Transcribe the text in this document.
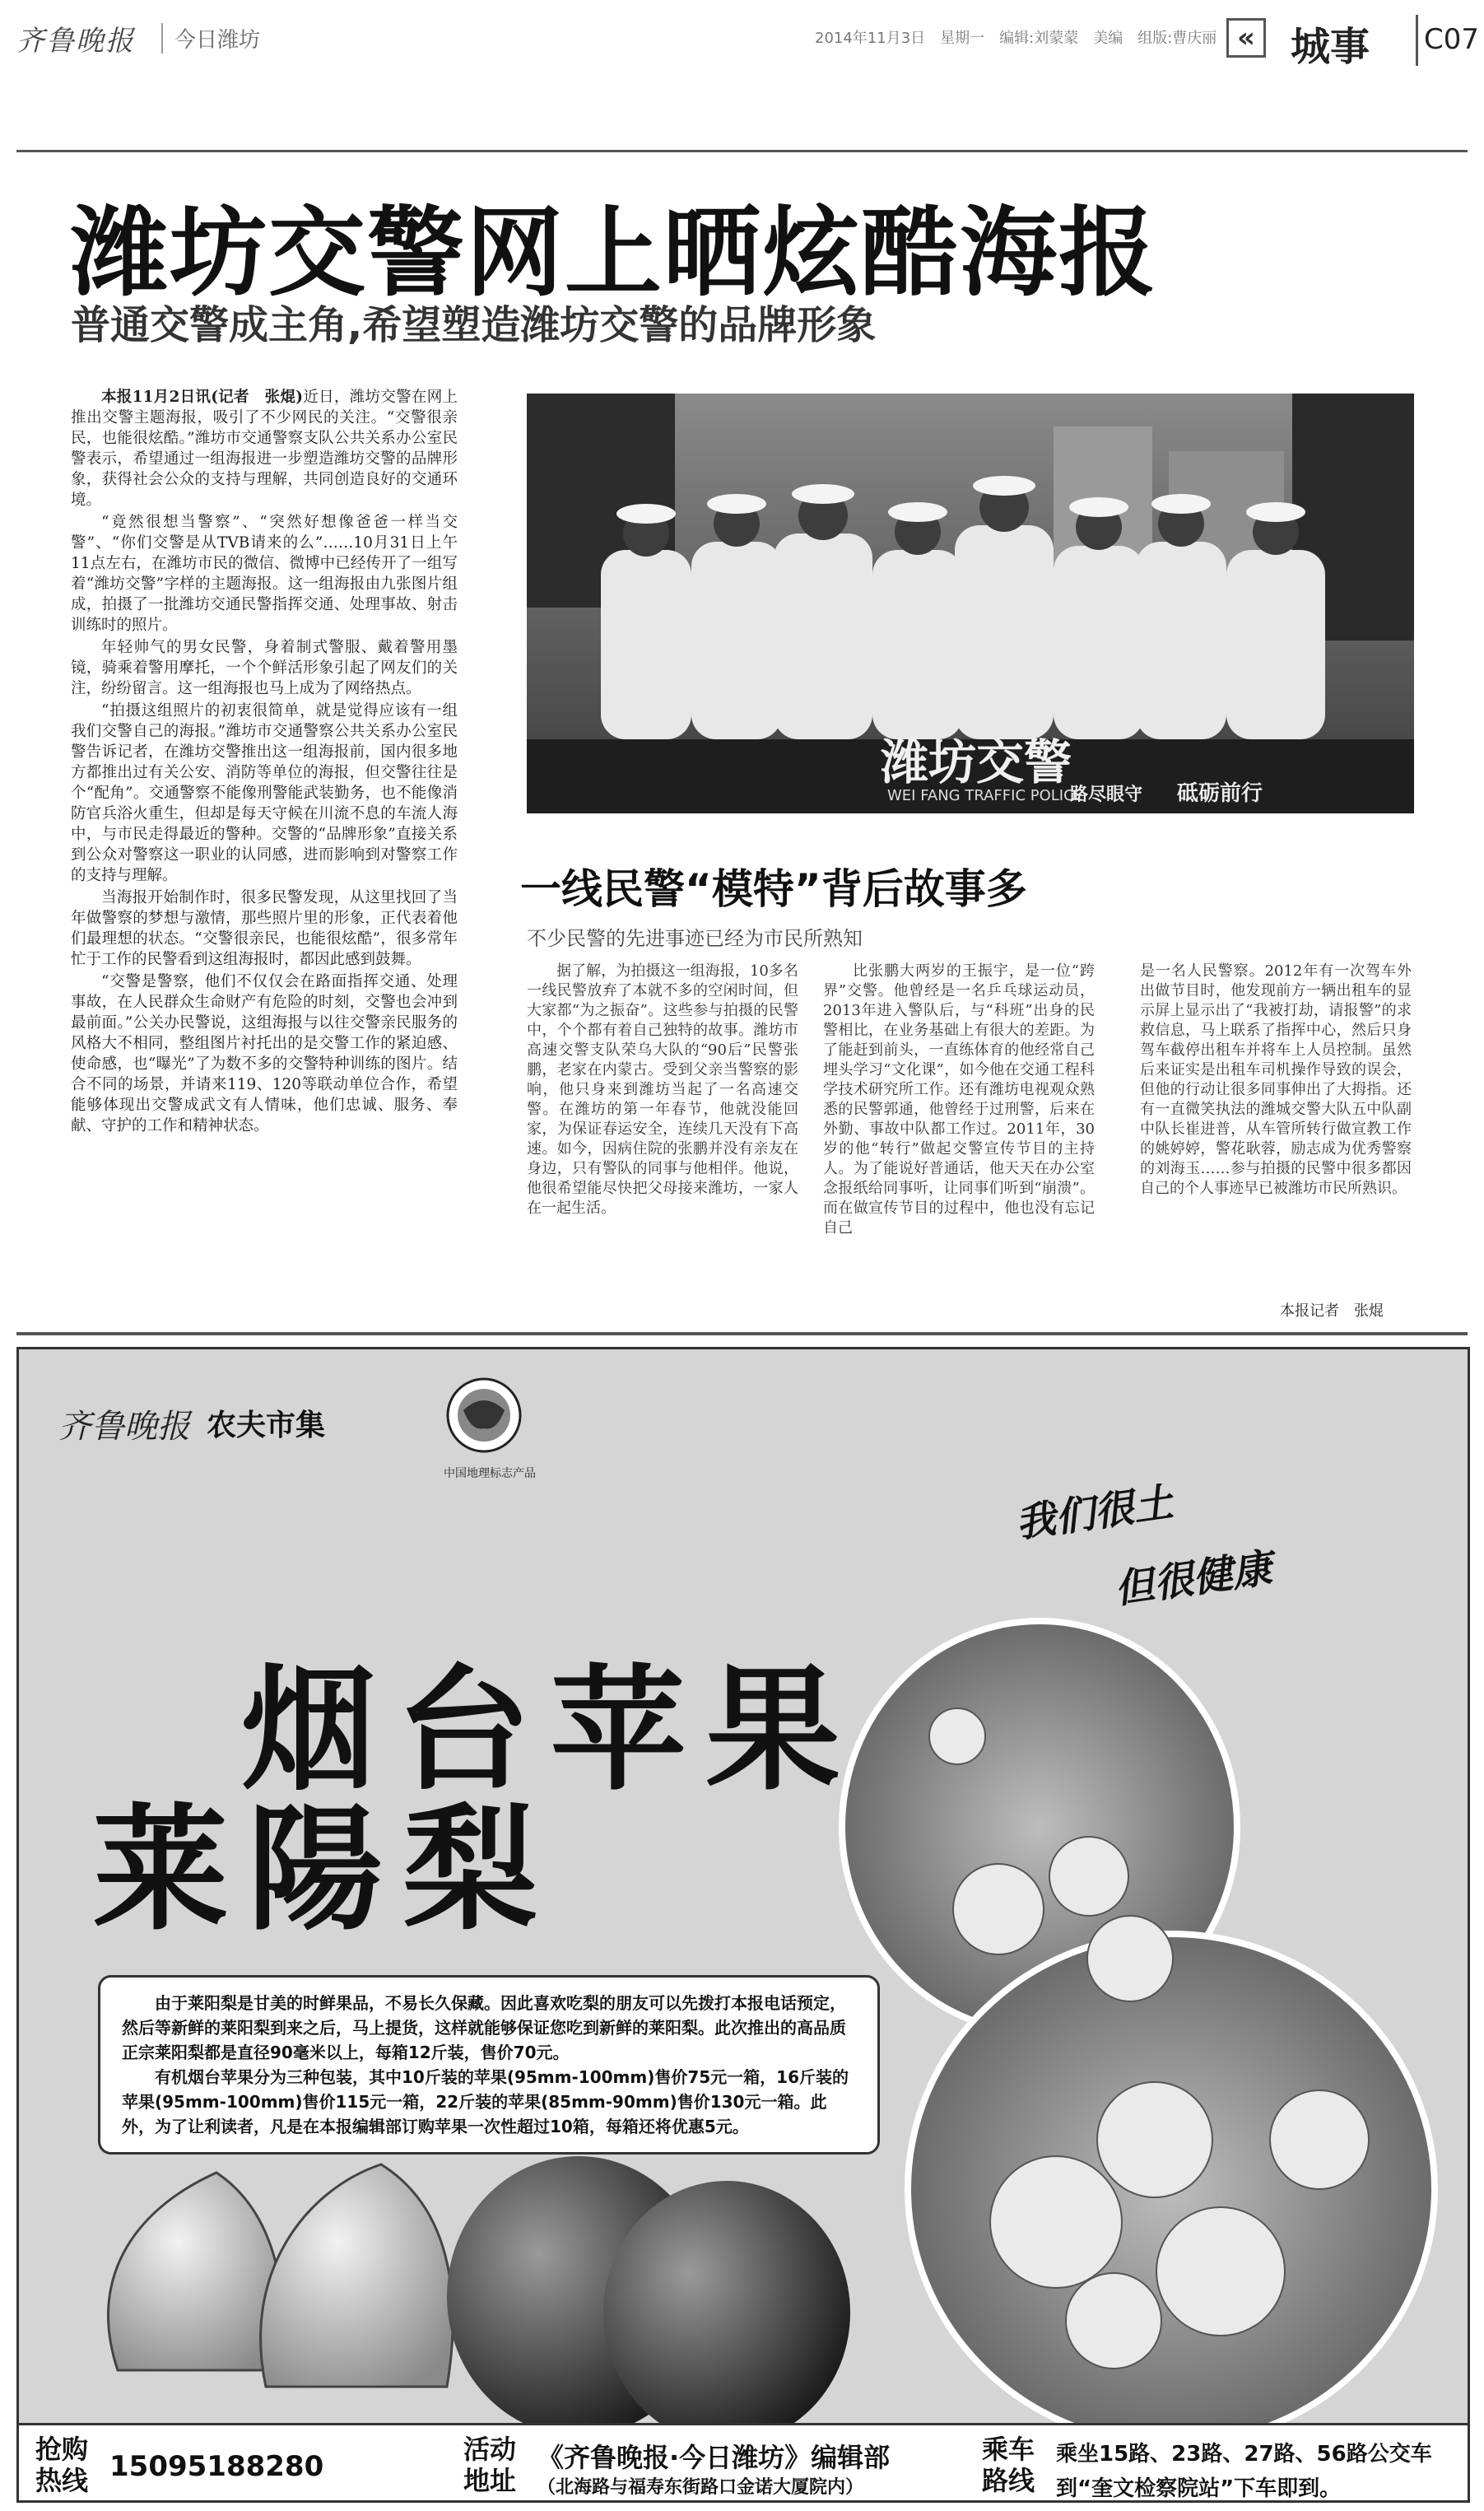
齐鲁晚报	今日潍坊	2014年11月3日　星期一　编辑:刘蒙蒙　美编　组版:曹庆丽 « 城事 C07
潍坊交警网上晒炫酷海报
普通交警成主角,希望塑造潍坊交警的品牌形象

本报11月2日讯(记者　张焜)近日，潍坊交警在网上推出交警主题海报，吸引了不少网民的关注。“交警很亲民，也能很炫酷。”潍坊市交通警察支队公共关系办公室民警表示，希望通过一组海报进一步塑造潍坊交警的品牌形象，获得社会公众的支持与理解，共同创造良好的交通环境。

“竟然很想当警察”、“突然好想像爸爸一样当交警”、“你们交警是从TVB请来的么”……10月31日上午11点左右，在潍坊市民的微信、微博中已经传开了一组写着“潍坊交警”字样的主题海报。这一组海报由九张图片组成，拍摄了一批潍坊交通民警指挥交通、处理事故、射击训练时的照片。

年轻帅气的男女民警，身着制式警服、戴着警用墨镜，骑乘着警用摩托，一个个鲜活形象引起了网友们的关注，纷纷留言。这一组海报也马上成为了网络热点。

“拍摄这组照片的初衷很简单，就是觉得应该有一组我们交警自己的海报。”潍坊市交通警察公共关系办公室民警告诉记者，在潍坊交警推出这一组海报前，国内很多地方都推出过有关公安、消防等单位的海报，但交警往往是个“配角”。交通警察不能像刑警能武装勤务，也不能像消防官兵浴火重生，但却是每天守候在川流不息的车流人海中，与市民走得最近的警种。交警的“品牌形象”直接关系到公众对警察这一职业的认同感，进而影响到对警察工作的支持与理解。

当海报开始制作时，很多民警发现，从这里找回了当年做警察的梦想与激情，那些照片里的形象，正代表着他们最理想的状态。“交警很亲民，也能很炫酷”，很多常年忙于工作的民警看到这组海报时，都因此感到鼓舞。

“交警是警察，他们不仅仅会在路面指挥交通、处理事故，在人民群众生命财产有危险的时刻，交警也会冲到最前面。”公关办民警说，这组海报与以往交警亲民服务的风格大不相同，整组图片衬托出的是交警工作的紧迫感、使命感，也“曝光”了为数不多的交警特种训练的图片。结合不同的场景，并请来119、120等联动单位合作，希望能够体现出交警成武文有人情味，他们忠诚、服务、奉献、守护的工作和精神状态。

潍坊交警
WEI FANG TRAFFIC POLICE
路尽眼守 砥砺前行
一线民警“模特”背后故事多
不少民警的先进事迹已经为市民所熟知

据了解，为拍摄这一组海报，10多名一线民警放弃了本就不多的空闲时间，但大家都“为之振奋”。这些参与拍摄的民警中，个个都有着自己独特的故事。潍坊市高速交警支队荣乌大队的“90后”民警张鹏，老家在内蒙古。受到父亲当警察的影响，他只身来到潍坊当起了一名高速交警。在潍坊的第一年春节，他就没能回家，为保证春运安全，连续几天没有下高速。如今，因病住院的张鹏并没有亲友在身边，只有警队的同事与他相伴。他说，他很希望能尽快把父母接来潍坊，一家人在一起生活。

比张鹏大两岁的王振宇，是一位“跨界”交警。他曾经是一名乒乓球运动员，2013年进入警队后，与“科班”出身的民警相比，在业务基础上有很大的差距。为了能赶到前头，一直练体育的他经常自己埋头学习“文化课”，如今他在交通工程科学技术研究所工作。还有潍坊电视观众熟悉的民警郭通，他曾经于过刑警，后来在外勤、事故中队都工作过。2011年，30岁的他“转行”做起交警宣传节目的主持人。为了能说好普通话，他天天在办公室念报纸给同事听，让同事们听到“崩溃”。而在做宣传节目的过程中，他也没有忘记自己

是一名人民警察。2012年有一次驾车外出做节目时，他发现前方一辆出租车的显示屏上显示出了“我被打劫，请报警”的求救信息，马上联系了指挥中心，然后只身驾车截停出租车并将车上人员控制。虽然后来证实是出租车司机操作导致的误会，但他的行动让很多同事伸出了大拇指。还有一直微笑执法的潍城交警大队五中队副中队长崔进普，从车管所转行做宣教工作的姚婷婷，警花耿蓉，励志成为优秀警察的刘海玉……参与拍摄的民警中很多都因自己的个人事迹早已被潍坊市民所熟识。

本报记者　张焜
齐鲁晚报 农夫市集
中国地理标志产品
我们很土
但很健康
烟台苹果
莱陽梨

由于莱阳梨是甘美的时鲜果品，不易长久保藏。因此喜欢吃梨的朋友可以先拨打本报电话预定，然后等新鲜的莱阳梨到来之后，马上提货，这样就能够保证您吃到新鲜的莱阳梨。此次推出的高品质正宗莱阳梨都是直径90毫米以上，每箱12斤装，售价70元。

有机烟台苹果分为三种包装，其中10斤装的苹果(95mm-100mm)售价75元一箱，16斤装的苹果(95mm-100mm)售价115元一箱，22斤装的苹果(85mm-90mm)售价130元一箱。此外，为了让利读者，凡是在本报编辑部订购苹果一次性超过10箱，每箱还将优惠5元。

抢购热线 15095188280
活动地址
《齐鲁晚报·今日潍坊》编辑部
（北海路与福寿东街路口金诺大厦院内）
乘车路线
乘坐15路、23路、27路、56路公交车
到“奎文检察院站”下车即到。
